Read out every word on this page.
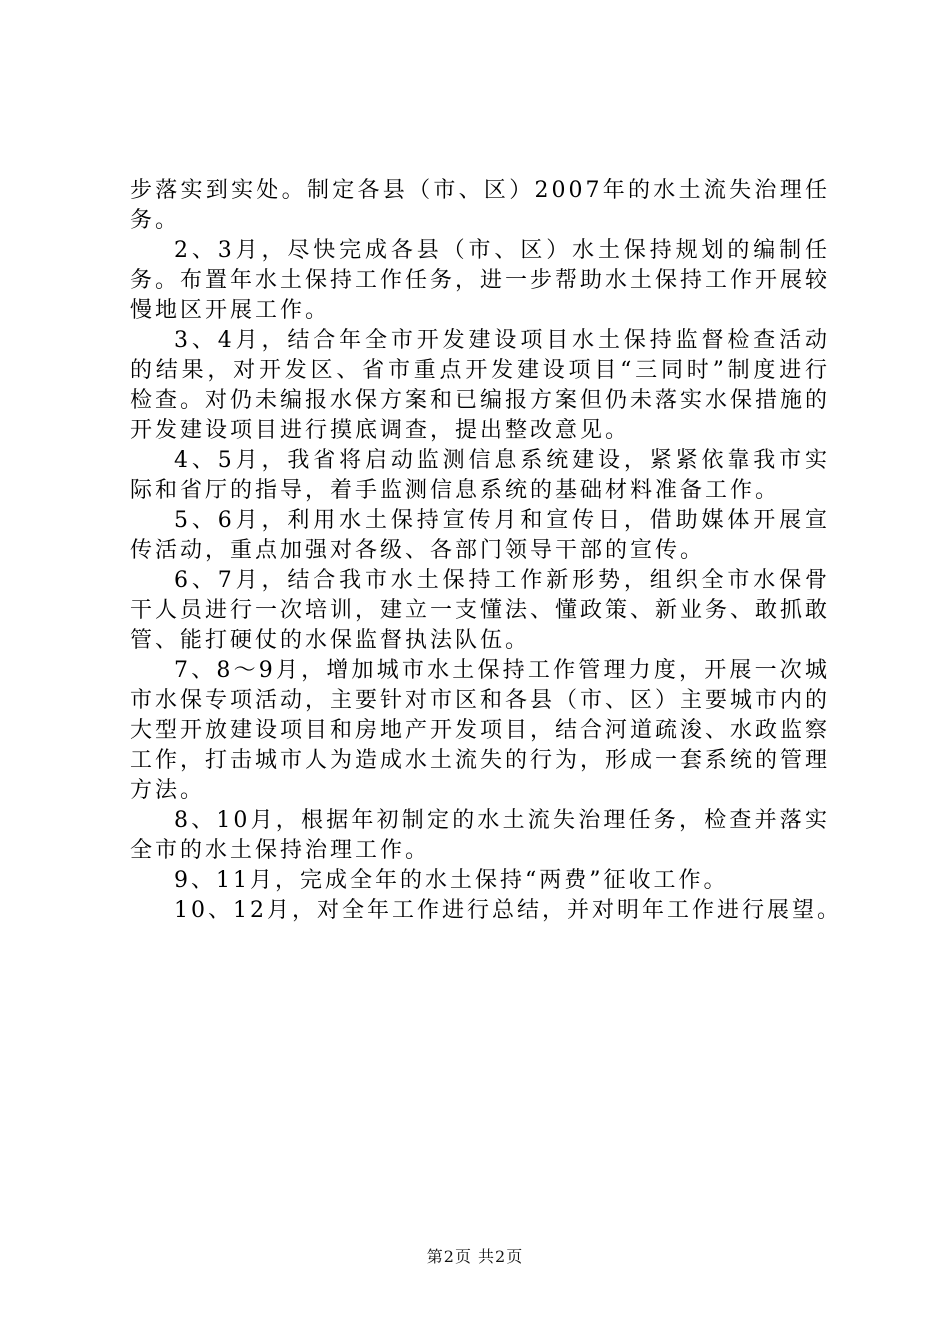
步落实到实处。制定各县（市、区）2007年的水土流失治理任务。

2、3月，尽快完成各县（市、区）水土保持规划的编制任务。布置年水土保持工作任务，进一步帮助水土保持工作开展较慢地区开展工作。

3、4月，结合年全市开发建设项目水土保持监督检查活动的结果，对开发区、省市重点开发建设项目“三同时”制度进行检查。对仍未编报水保方案和已编报方案但仍未落实水保措施的开发建设项目进行摸底调查，提出整改意见。

4、5月，我省将启动监测信息系统建设，紧紧依靠我市实际和省厅的指导，着手监测信息系统的基础材料准备工作。

5、6月，利用水土保持宣传月和宣传日，借助媒体开展宣传活动，重点加强对各级、各部门领导干部的宣传。

6、7月，结合我市水土保持工作新形势，组织全市水保骨干人员进行一次培训，建立一支懂法、懂政策、新业务、敢抓敢管、能打硬仗的水保监督执法队伍。

7、8～9月，增加城市水土保持工作管理力度，开展一次城市水保专项活动，主要针对市区和各县（市、区）主要城市内的大型开放建设项目和房地产开发项目，结合河道疏浚、水政监察工作，打击城市人为造成水土流失的行为，形成一套系统的管理方法。

8、10月，根据年初制定的水土流失治理任务，检查并落实全市的水土保持治理工作。

9、11月，完成全年的水土保持“两费”征收工作。

10、12月，对全年工作进行总结，并对明年工作进行展望。

第2页 共2页
